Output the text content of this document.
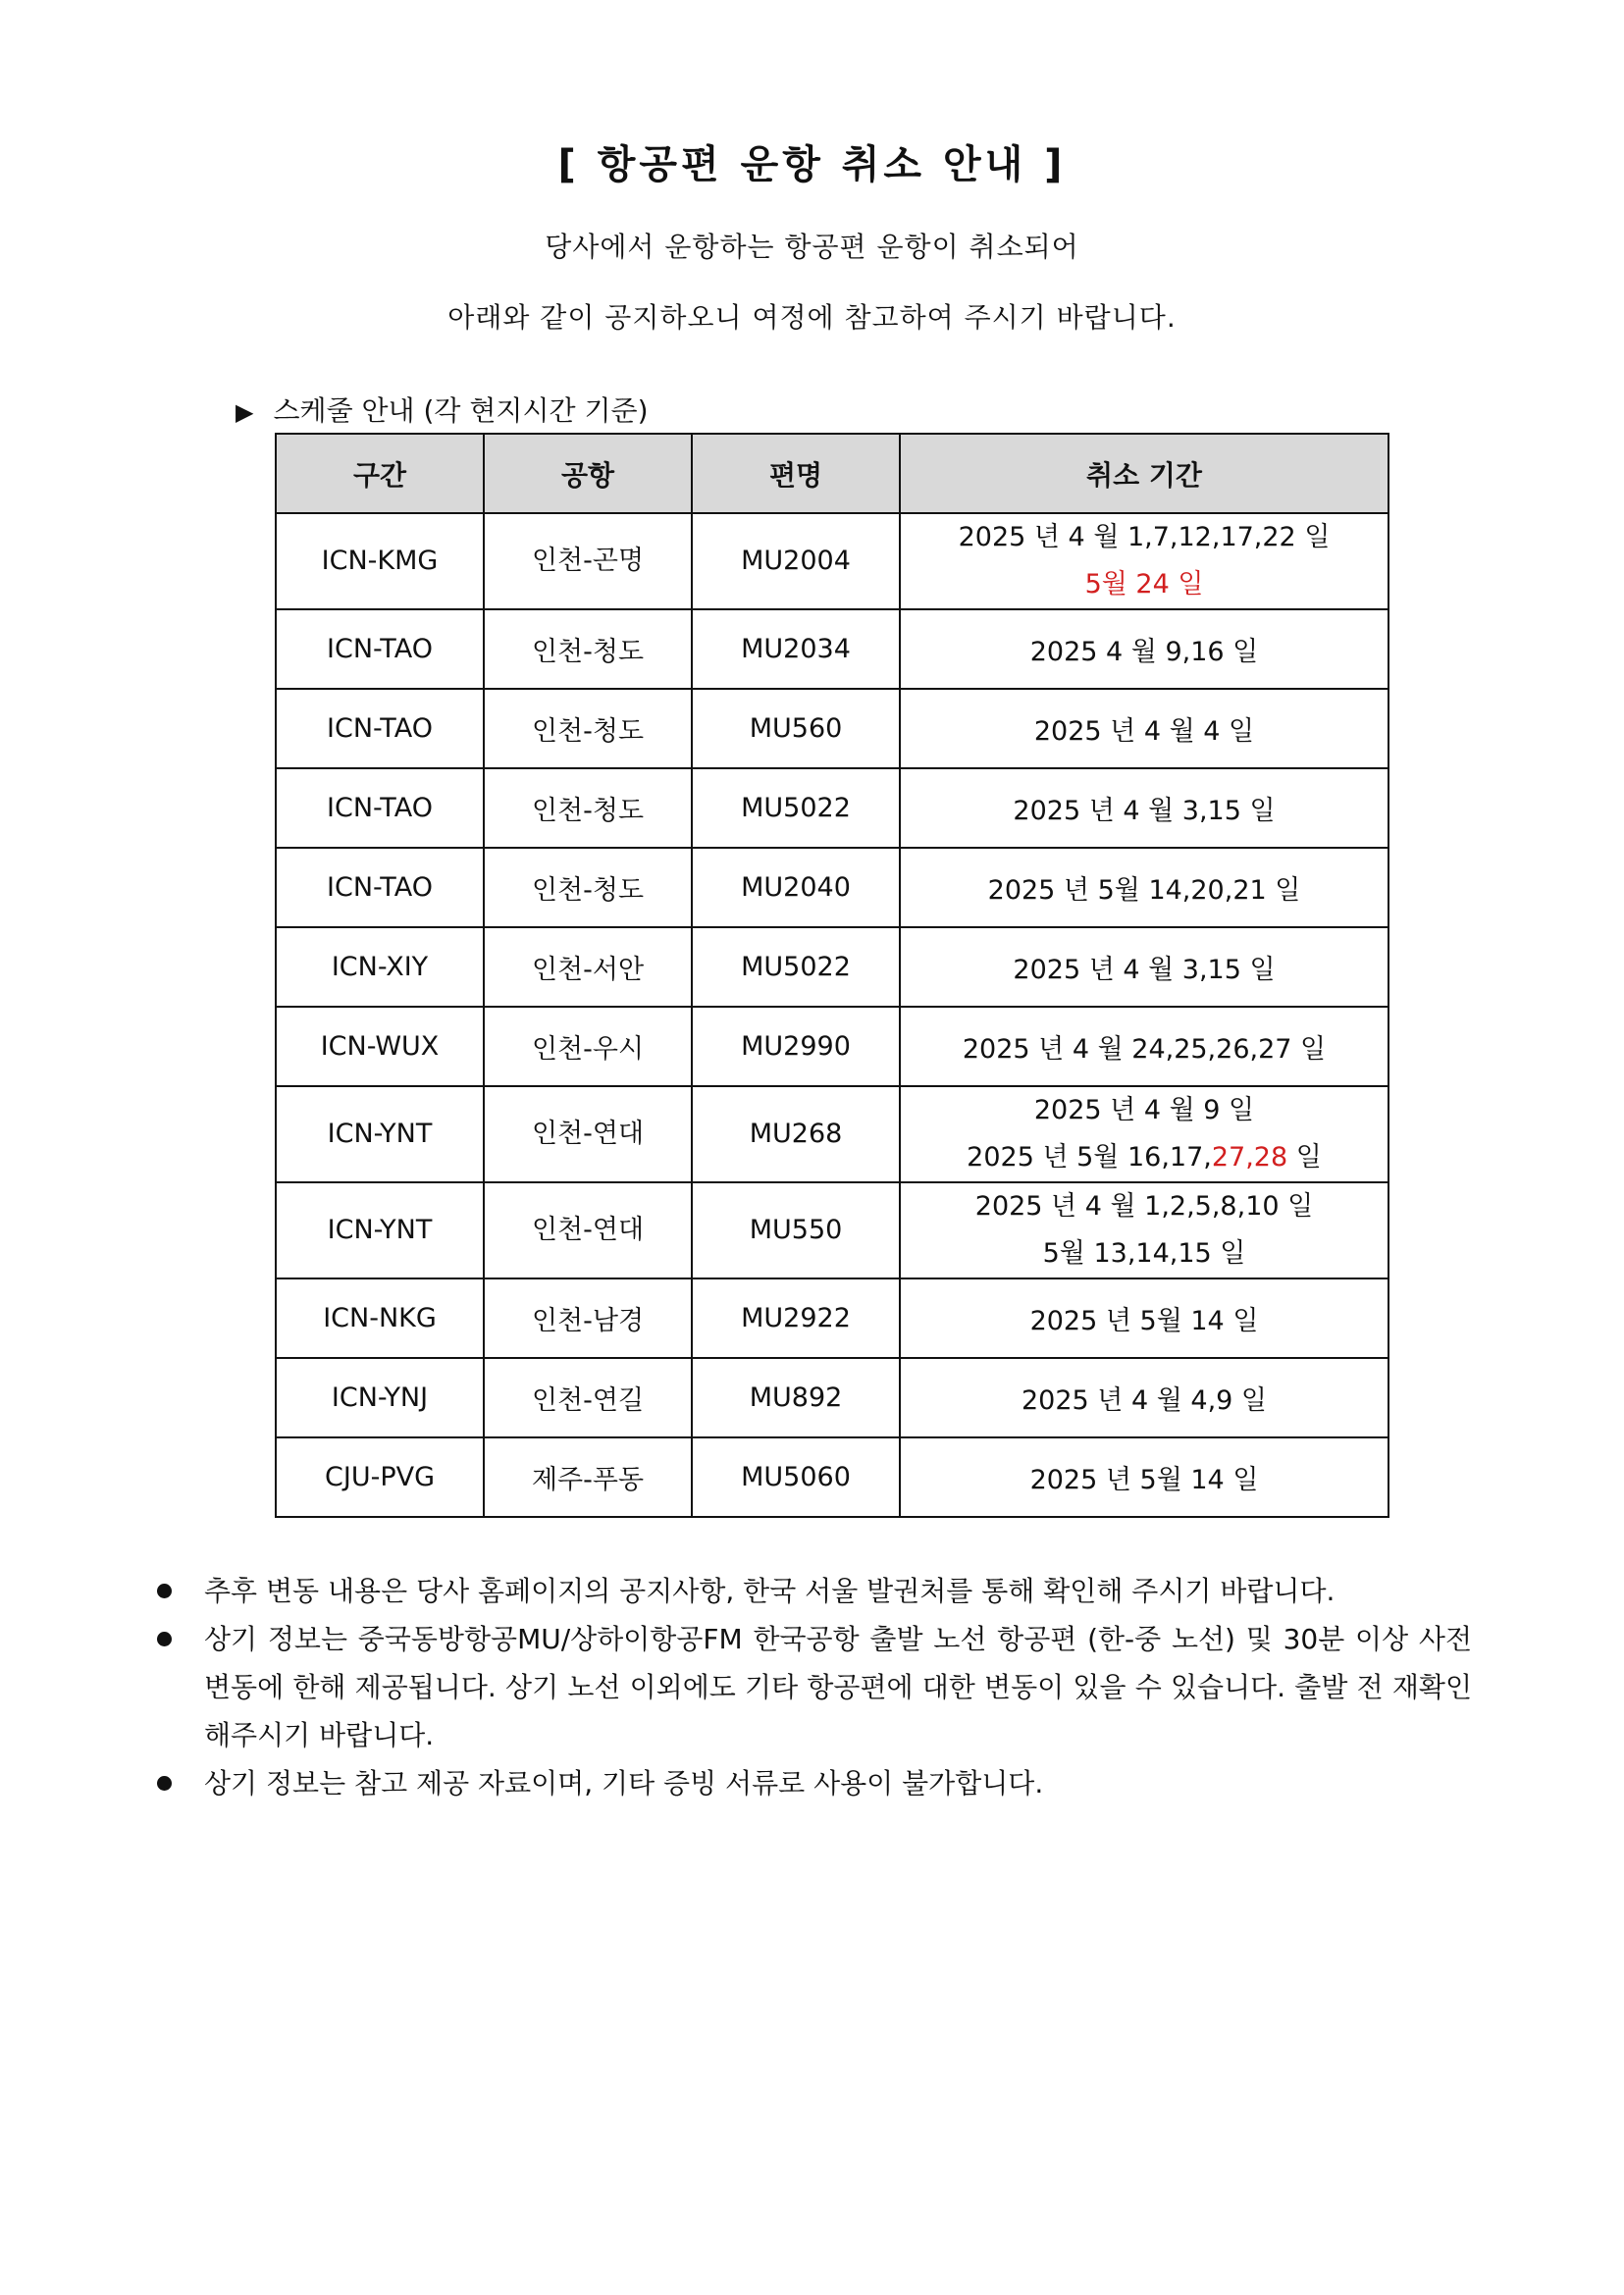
[ 항공편 운항 취소 안내 ]
당사에서 운항하는 항공편 운항이 취소되어
아래와 같이 공지하오니 여정에 참고하여 주시기 바랍니다.
▶ 스케줄 안내 (각 현지시간 기준)
구간	공항	편명	취소 기간
ICN-KMG	인천-곤명	MU2004	2025 년 4 월 1,7,12,17,22 일
5월 24 일

ICN-TAO	인천-청도	MU2034	2025 4 월 9,16 일
ICN-TAO	인천-청도	MU560	2025 년 4 월 4 일
ICN-TAO	인천-청도	MU5022	2025 년 4 월 3,15 일
ICN-TAO	인천-청도	MU2040	2025 년 5월 14,20,21 일
ICN-XIY	인천-서안	MU5022	2025 년 4 월 3,15 일
ICN-WUX	인천-우시	MU2990	2025 년 4 월 24,25,26,27 일
ICN-YNT	인천-연대	MU268	2025 년 4 월 9 일
2025 년 5월 16,17,27,28 일

ICN-YNT	인천-연대	MU550	2025 년 4 월 1,2,5,8,10 일
5월 13,14,15 일

ICN-NKG	인천-남경	MU2922	2025 년 5월 14 일
ICN-YNJ	인천-연길	MU892	2025 년 4 월 4,9 일
CJU-PVG	제주-푸동	MU5060	2025 년 5월 14 일
추후 변동 내용은 당사 홈페이지의 공지사항, 한국 서울 발권처를 통해 확인해 주시기 바랍니다.
상기 정보는 중국동방항공MU/상하이항공FM 한국공항 출발 노선 항공편 (한-중 노선) 및 30분 이상 사전 변동에 한해 제공됩니다. 상기 노선 이외에도 기타 항공편에 대한 변동이 있을 수 있습니다. 출발 전 재확인 해주시기 바랍니다.
상기 정보는 참고 제공 자료이며, 기타 증빙 서류로 사용이 불가합니다.
